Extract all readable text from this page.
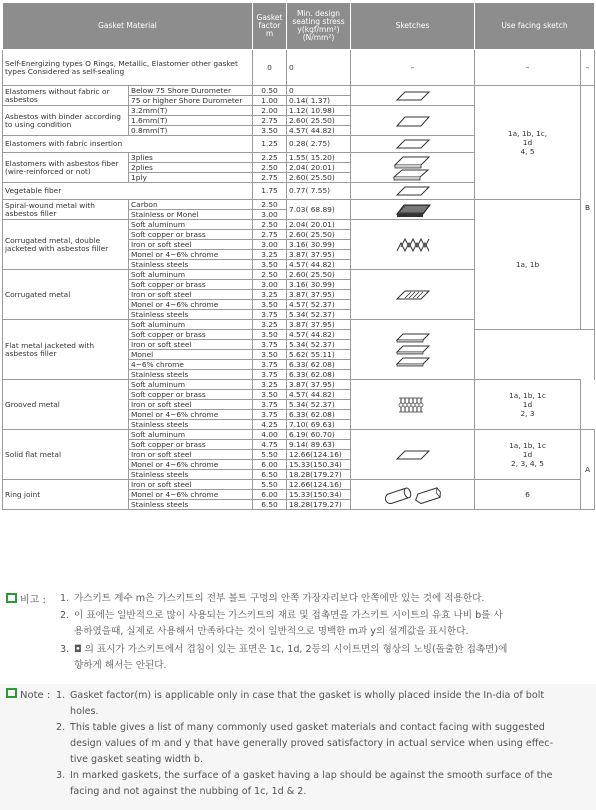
Gasket Material		Gasket factor m	Min. design seating stress y(kgf/mm²) (N/mm²)	Sketches	Use facing sketch		
Self-Energizing types O Rings, Metallic, Elastomer other gasket types Considered as self-sealing		0	0	–	–	–	
Elastomers without fabric or asbestos	Below 75 Shore Durometer	0.50	0		1a, 1b, 1c,
1d
4, 5	B	
	75 or higher Shore Durometer	1.00	0.14( 1.37)				
Asbestos with binder according to using condition	3.2mm(T)	2.00	1.12( 10.98)	

	1.6mm(T)	2.75	2.60( 25.50)				
	0.8mm(T)	3.50	4.57( 44.82)				
Elastomers with fabric insertion		1.25	0.28( 2.75)	

Elastomers with asbestos fiber (wire-reinforced or not)	3plies	2.25	1.55( 15.20)	

	2plies	2.50	2.04( 20.01)				
	1ply	2.75	2.60( 25.50)				
Vegetable fiber		1.75	0.77( 7.55)	

Spiral-wound metal with asbestos filler	Carbon	2.50	7.03( 68.89)		1a, 1b		
	Stainless or Monel	3.00					
Corrugated metal, double jacketed with asbestos filler	Soft aluminum	2.50	2.04( 20.01)	

	Soft copper or brass	2.75	2.60( 25.50)				
	Iron or soft steel	3.00	3.16( 30.99)				
	Monel or 4~6% chrome	3.25	3.87( 37.95)				
	Stainless steels	3.50	4.57( 44.82)				
Corrugated metal	Soft aluminum	2.50	2.60( 25.50)	

	Soft copper or brass	3.00	3.16( 30.99)				
	Iron or soft steel	3.25	3.87( 37.95)	
	Monel or 4~6% chrome	3.50	4.57( 52.37)				
	Stainless steels	3.75	5.34( 52.37)				
Flat metal jacketed with asbestos filler	Soft aluminum	3.25	3.87( 37.95)	

	Soft copper or brass	3.50	4.57( 44.82)				
	Iron or soft steel	3.75	5.34( 52.37)				
	Monel	3.50	5.62( 55.11)				
	4~6% chrome	3.75	6.33( 62.08)				
	Stainless steels	3.75	6.33( 62.08)				
Grooved metal	Soft aluminum	3.25	3.87( 37.95)		1a, 1b, 1c
1d
2, 3		
	Soft copper or brass	3.50	4.57( 44.82)				
	Iron or soft steel	3.75	5.34( 52.37)				
	Monel or 4~6% chrome	3.75	6.33( 62.08)				
	Stainless steels	4.25	7.10( 69.63)				
Solid flat metal	Soft aluminum	4.00	6.19( 60.70)		1a, 1b, 1c
1d
2, 3, 4, 5	A	
	Soft copper or brass	4.75	9.14( 89.63)				
	Iron or soft steel	5.50	12.66(124.16)				
	Monel or 4~6% chrome	6.00	15.33(150.34)				
	Stainless steels	6.50	18.28(179.27)				
Ring joint	Iron or soft steel	5.50	12.66(124.16)		6		
	Monel or 4~6% chrome	6.00	15.33(150.34)				
	Stainless steels	6.50	18.28(179.27)				
비고 : 1. 가스키트 계수 m은 가스키트의 전부 볼트 구멍의 안쪽 가장자리보다 안쪽에만 있는 것에 적용한다.
2. 이 표에는 일반적으로 많이 사용되는 가스키트의 재료 및 접촉면을 가스키트 시이트의 유효 나비 b를 사
용하였을때, 실제로 사용해서 만족하다는 것이 일반적으로 명백한 m과 y의 설계값을 표시한다.
3. ◘ 의 표시가 가스키트에서 겹침이 있는 표면은 1c, 1d, 2등의 시이트면의 형상의 노빙(돌출한 접촉면)에
향하게 해서는 안된다.
Note : 1. Gasket factor(m) is applicable only in case that the gasket is wholly placed inside the In-dia of bolt
holes.
2. This table gives a list of many commonly used gasket materials and contact facing with suggested
design values of m and y that have generally proved satisfactory in actual service when using effec-
tive gasket seating width b.
3. In marked gaskets, the surface of a gasket having a lap should be against the smooth surface of the
facing and not against the nubbing of 1c, 1d & 2.
